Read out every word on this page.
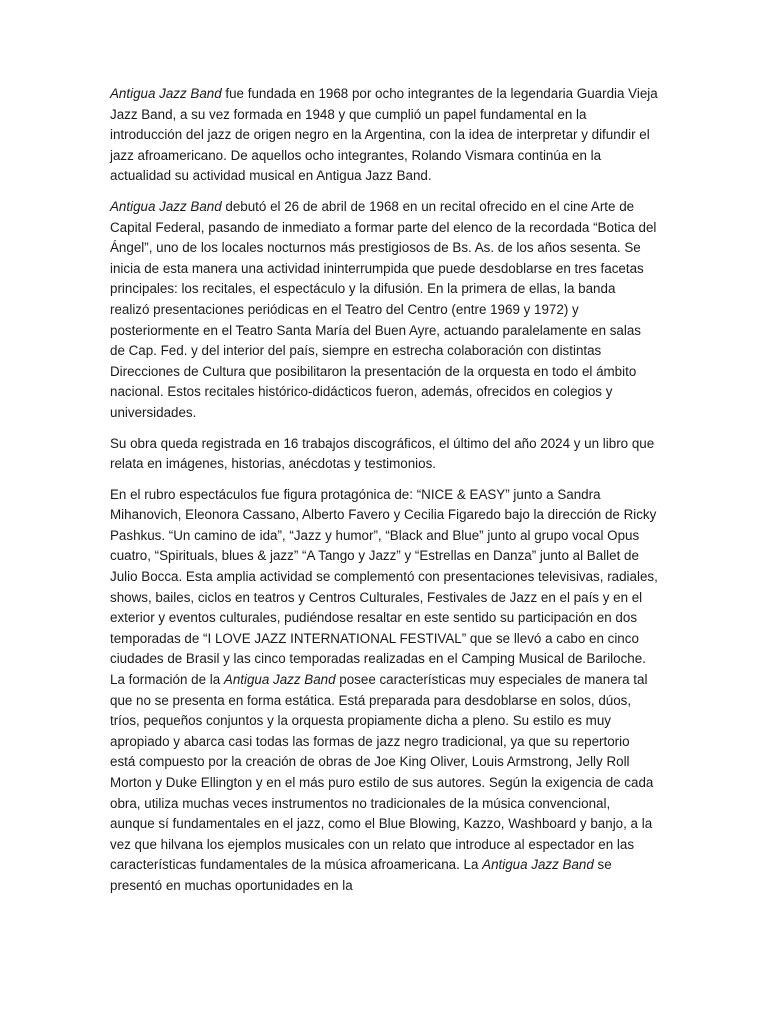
Antigua Jazz Band fue fundada en 1968 por ocho integrantes de la legendaria Guardia Vieja Jazz Band, a su vez formada en 1948 y que cumplió un papel fundamental en la introducción del jazz de origen negro en la Argentina, con la idea de interpretar y difundir el jazz afroamericano. De aquellos ocho integrantes, Rolando Vismara continúa en la actualidad su actividad musical en Antigua Jazz Band.

Antigua Jazz Band debutó el 26 de abril de 1968 en un recital ofrecido en el cine Arte de Capital Federal, pasando de inmediato a formar parte del elenco de la recordada “Botica del Ángel”, uno de los locales nocturnos más prestigiosos de Bs. As. de los años sesenta. Se inicia de esta manera una actividad ininterrumpida que puede desdoblarse en tres facetas principales: los recitales, el espectáculo y la difusión. En la primera de ellas, la banda realizó presentaciones periódicas en el Teatro del Centro (entre 1969 y 1972) y posteriormente en el Teatro Santa María del Buen Ayre, actuando paralelamente en salas de Cap. Fed. y del interior del país, siempre en estrecha colaboración con distintas Direcciones de Cultura que posibilitaron la presentación de la orquesta en todo el ámbito nacional. Estos recitales histórico-didácticos fueron, además, ofrecidos en colegios y universidades.

Su obra queda registrada en 16 trabajos discográficos, el último del año 2024 y un libro que relata en imágenes, historias, anécdotas y testimonios.

En el rubro espectáculos fue figura protagónica de: “NICE & EASY” junto a Sandra Mihanovich, Eleonora Cassano, Alberto Favero y Cecilia Figaredo bajo la dirección de Ricky Pashkus. “Un camino de ida”, “Jazz y humor”, “Black and Blue” junto al grupo vocal Opus cuatro, “Spirituals, blues & jazz” “A Tango y Jazz” y “Estrellas en Danza” junto al Ballet de Julio Bocca. Esta amplia actividad se complementó con presentaciones televisivas, radiales, shows, bailes, ciclos en teatros y Centros Culturales, Festivales de Jazz en el país y en el exterior y eventos culturales, pudiéndose resaltar en este sentido su participación en dos temporadas de “I LOVE JAZZ INTERNATIONAL FESTIVAL” que se llevó a cabo en cinco ciudades de Brasil y las cinco temporadas realizadas en el Camping Musical de Bariloche. La formación de la Antigua Jazz Band posee características muy especiales de manera tal que no se presenta en forma estática. Está preparada para desdoblarse en solos, dúos, tríos, pequeños conjuntos y la orquesta propiamente dicha a pleno. Su estilo es muy apropiado y abarca casi todas las formas de jazz negro tradicional, ya que su repertorio está compuesto por la creación de obras de Joe King Oliver, Louis Armstrong, Jelly Roll Morton y Duke Ellington y en el más puro estilo de sus autores. Según la exigencia de cada obra, utiliza muchas veces instrumentos no tradicionales de la música convencional, aunque sí fundamentales en el jazz, como el Blue Blowing, Kazzo, Washboard y banjo, a la vez que hilvana los ejemplos musicales con un relato que introduce al espectador en las características fundamentales de la música afroamericana. La Antigua Jazz Band se presentó en muchas oportunidades en la
